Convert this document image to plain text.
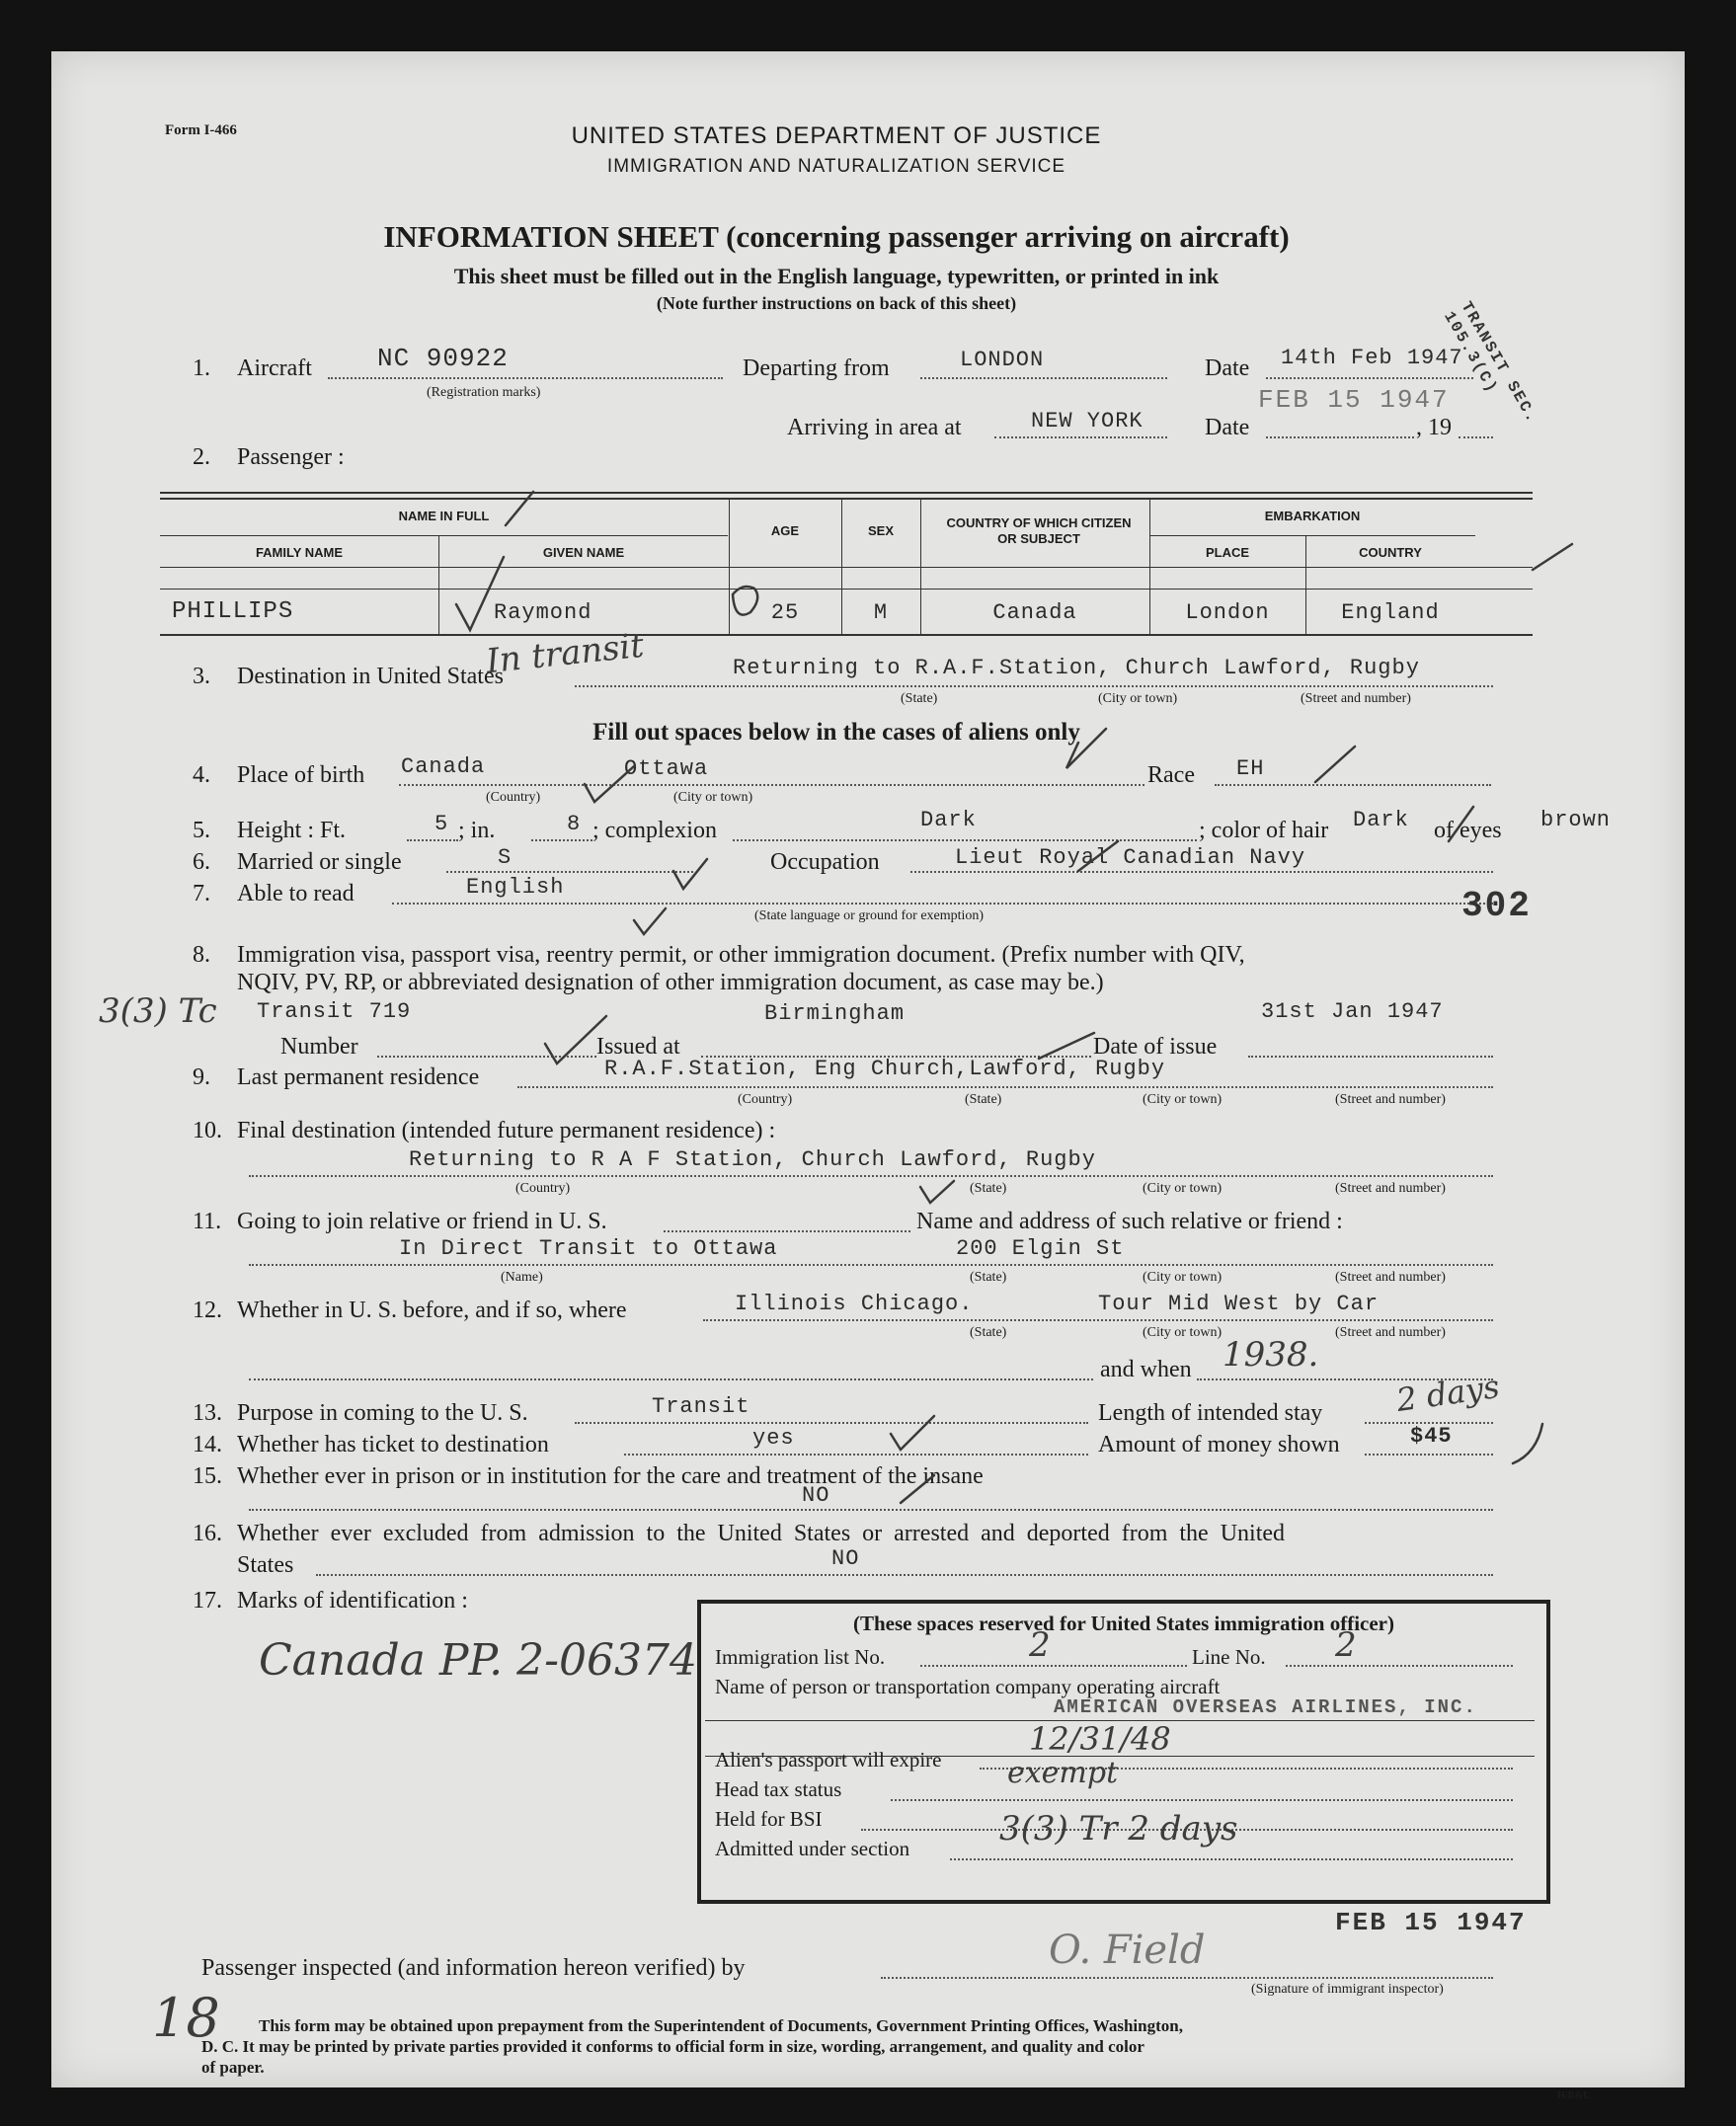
Form I-466	UNITED STATES DEPARTMENT OF JUSTICE
IMMIGRATION AND NATURALIZATION SERVICE
INFORMATION SHEET (concerning passenger arriving on aircraft)
This sheet must be filled out in the English language, typewritten, or printed in ink
(Note further instructions on back of this sheet)	TRANSIT SEC. 105.3(C)
1. Aircraft	NC 90922
(Registration marks)
Departing from	LONDON	Date 14th Feb 1947
FEB 15 1947
Arriving in area at	NEW YORK	Date	, 19
2. Passenger :
NAME IN FULL
FAMILY NAME	GIVEN NAME
AGE	SEX
COUNTRY OF WHICH CITIZEN OR SUBJECT
EMBARKATION
PLACE	COUNTRY
PHILLIPS	Raymond	25	M	Canada	London	England
3. Destination in United States
In transit	Returning to R.A.F.Station, Church Lawford, Rugby
(State)	(City or town)	(Street and number)
Fill out spaces below in the cases of aliens only
4. Place of birth Canada	Ottawa
(Country)	(City or town)
Race EH
5. Height : Ft.	5 ; in.	8 ; complexion	Dark	; color of hair Dark of eyes brown
6. Married or single	S	Occupation	Lieut Royal Canadian Navy
7. Able to read	English
(State language or ground for exemption)	302
8. Immigration visa, passport visa, reentry permit, or other immigration document. (Prefix number with QIV,
NQIV, PV, RP, or abbreviated designation of other immigration document, as case may be.)
3(3) Tc Transit 719	Birmingham	31st Jan 1947
Number	Issued at	Date of issue
9. Last permanent residence	R.A.F.Station, Eng Church,Lawford, Rugby
(Country)	(State)	(City or town)	(Street and number)
10. Final destination (intended future permanent residence) :
Returning to R A F Station, Church Lawford, Rugby
(Country)	(State)	(City or town)	(Street and number)
11. Going to join relative or friend in U. S.	Name and address of such relative or friend :
In Direct Transit to Ottawa	200 Elgin St
(Name)	(State)	(City or town)	(Street and number)
12. Whether in U. S. before, and if so, where	Illinois Chicago.	Tour Mid West by Car
(State)	(City or town)	(Street and number)
and when 1938.
13. Purpose in coming to the U. S.	Transit	Length of intended stay 2 days
14. Whether has ticket to destination	yes	Amount of money shown	$45
15. Whether ever in prison or in institution for the care and treatment of the insane
NO
16. Whether ever excluded from admission to the United States or arrested and deported from the United
States	NO
17. Marks of identification :
Canada PP. 2-06374
(These spaces reserved for United States immigration officer)
Immigration list No.	2	Line No. 2
Name of person or transportation company operating aircraft
AMERICAN OVERSEAS AIRLINES, INC.
Alien's passport will expire
12/31/48
Head tax status	exempt
Held for BSI
Admitted under section	3(3) Tr 2 days
Passenger inspected (and information hereon verified) by	O. Field
FEB 15 1947
(Signature of immigrant inspector)
18 This form may be obtained upon prepayment from the Superintendent of Documents, Government Printing Offices, Washington,
D. C. It may be printed by private parties provided it conforms to official form in size, wording, arrangement, and quality and color
of paper.
H/R&L
